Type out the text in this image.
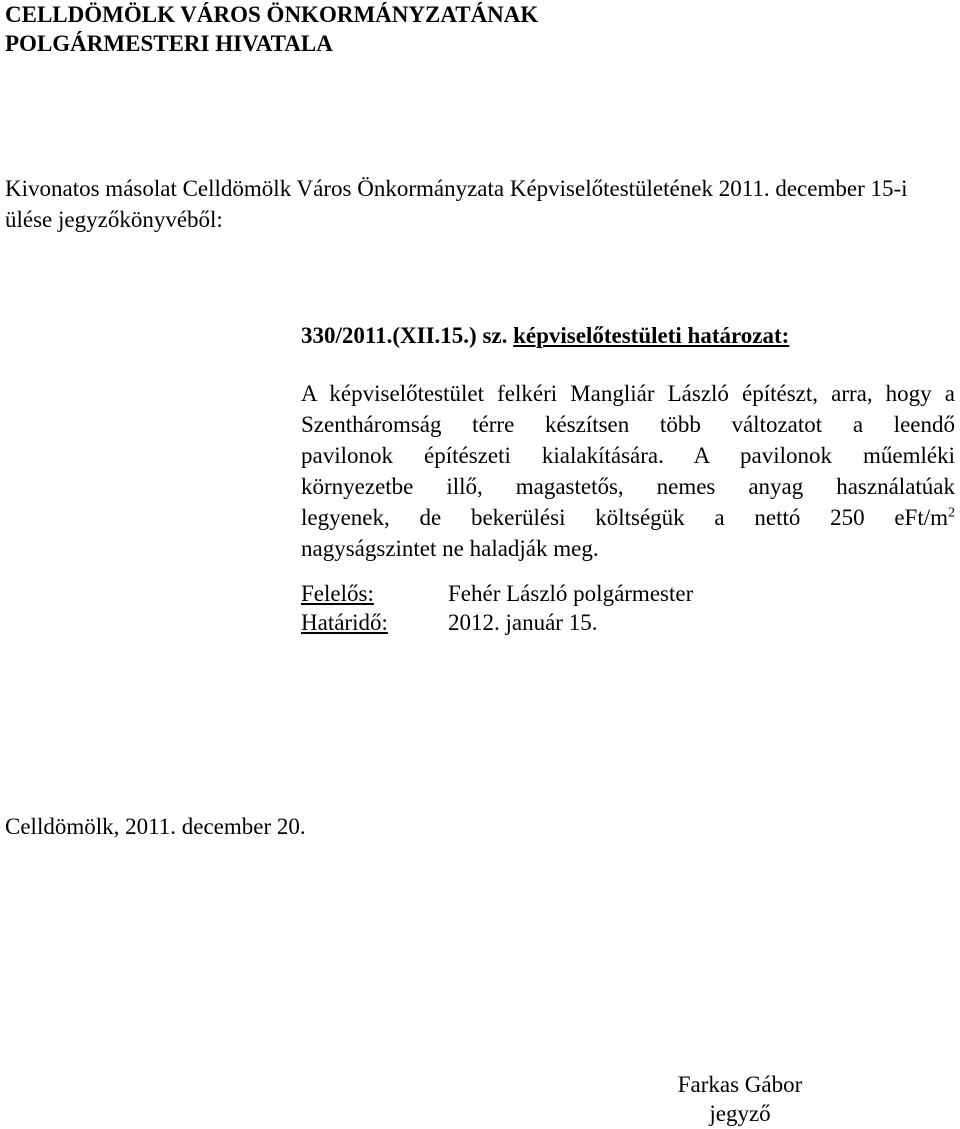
CELLDÖMÖLK VÁROS ÖNKORMÁNYZATÁNAK
POLGÁRMESTERI HIVATALA
Kivonatos másolat Celldömölk Város Önkormányzata Képviselőtestületének 2011. december 15-i ülése jegyzőkönyvéből:
330/2011.(XII.15.) sz. képviselőtestületi határozat:
A képviselőtestület felkéri Mangliár László építészt, arra, hogy a
Szentháromság térre készítsen több változatot a leendő
pavilonok építészeti kialakítására. A pavilonok műemléki
környezetbe illő, magastetős, nemes anyag használatúak
legyenek, de bekerülési költségük a nettó 250 eFt/$m^2$
nagyságszintet ne haladják meg.
Felelős:	Fehér László polgármester
Határidő:	2012. január 15.
Celldömölk, 2011. december 20.
Farkas Gábor
jegyző
